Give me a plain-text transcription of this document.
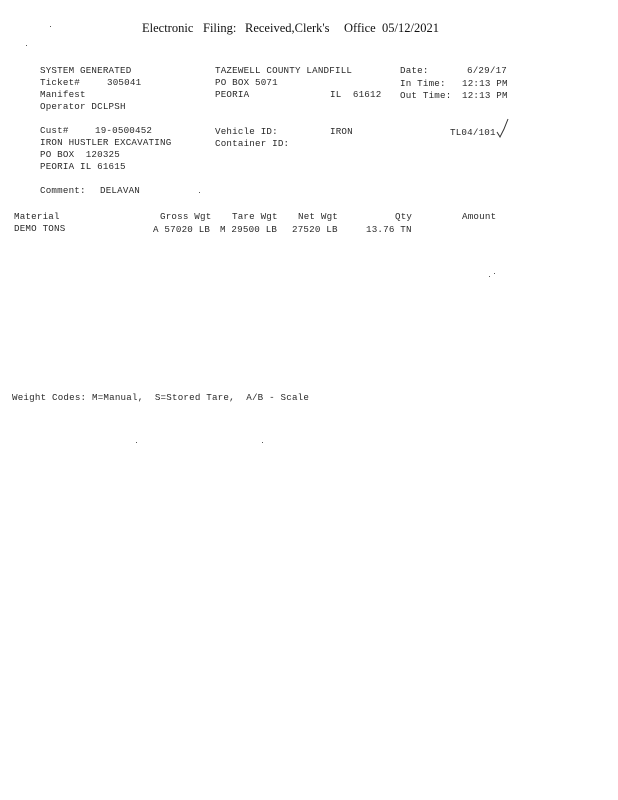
Electronic Filing: Received,Clerk's Office 05/12/2021
SYSTEM GENERATED
Ticket#	305041
Manifest
Operator DCLPSH
TAZEWELL COUNTY LANDFILL
PO BOX 5071
PEORIA	IL  61612
Date:	6/29/17
In Time: 12:13 PM
Out Time: 12:13 PM
Cust#	19-0500452
IRON HUSTLER EXCAVATING
PO BOX  120325
PEORIA IL 61615
Vehicle ID:	IRON
Container ID:
TL04/101
Comment: DELAVAN
Material	Gross Wgt Tare Wgt Net Wgt	Qty	Amount
DEMO TONS	A 57020 LB M 29500 LB 27520 LB	13.76 TN
Weight Codes: M=Manual,  S=Stored Tare,  A/B - Scale
